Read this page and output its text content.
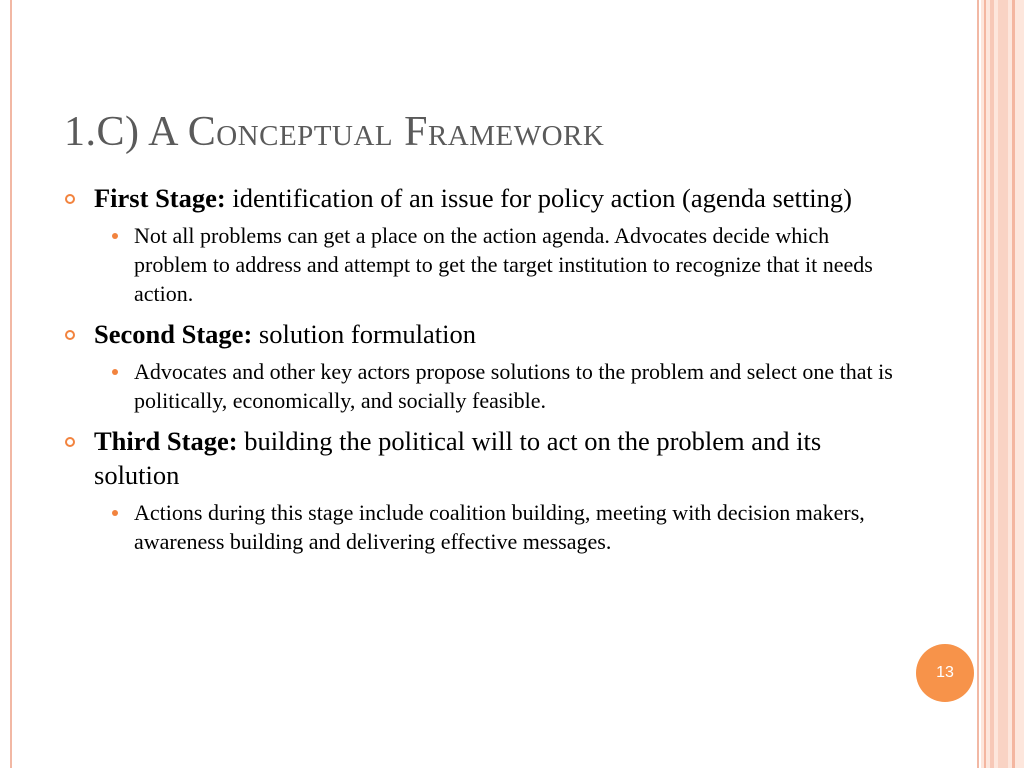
1.C) A Conceptual Framework
First Stage: identification of an issue for policy action (agenda setting)
Not all problems can get a place on the action agenda. Advocates decide which problem to address and attempt to get the target institution to recognize that it needs action.
Second Stage: solution formulation
Advocates and other key actors propose solutions to the problem and select one that is politically, economically, and socially feasible.
Third Stage: building the political will to act on the problem and its solution
Actions during this stage include coalition building, meeting with decision makers, awareness building and delivering effective messages.
13
